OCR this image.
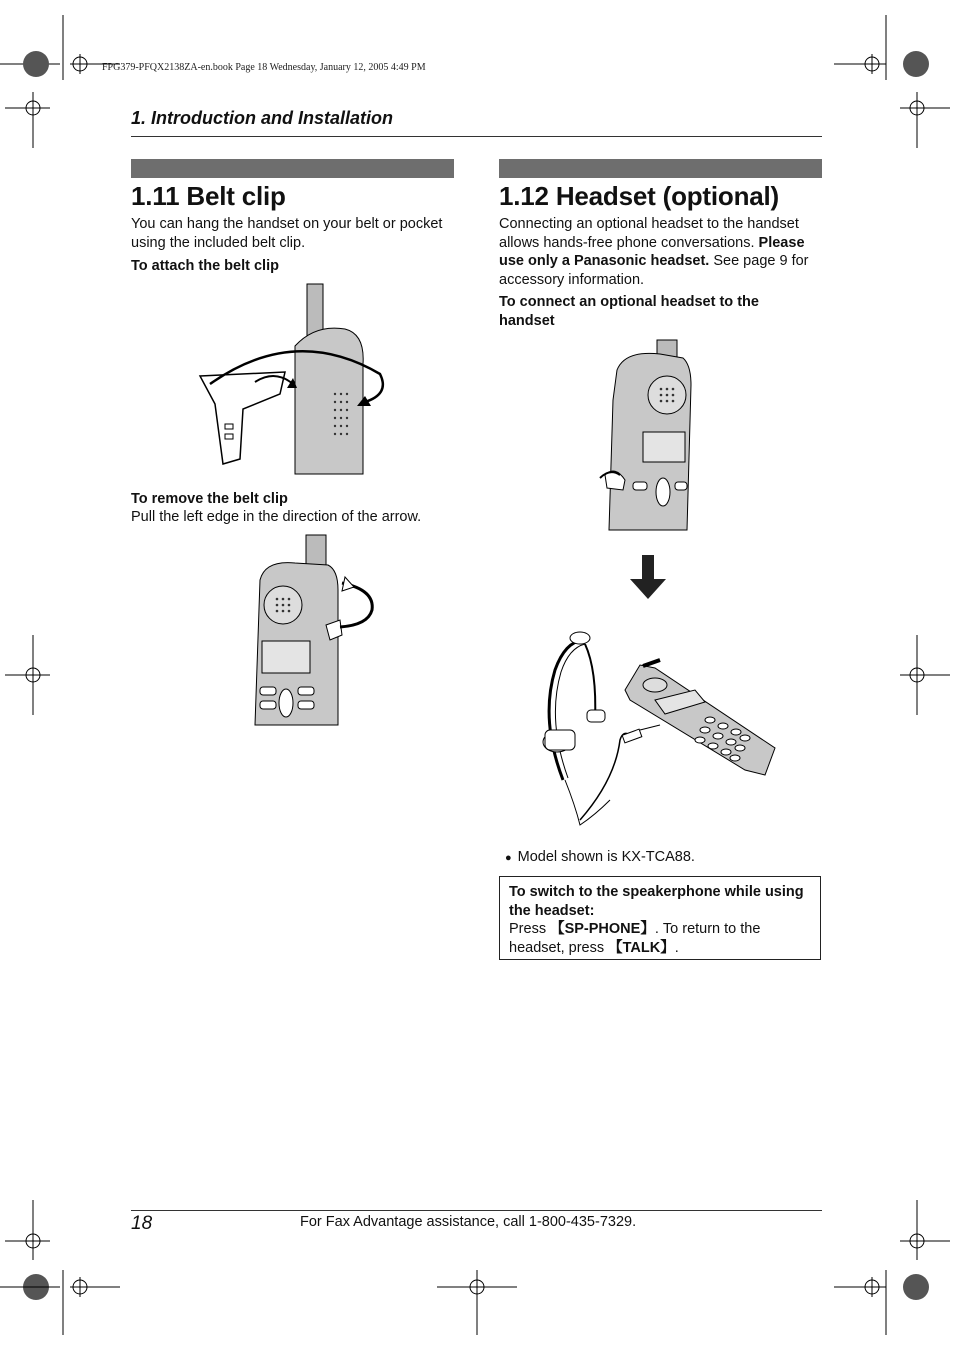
FPG379-PFQX2138ZA-en.book Page 18 Wednesday, January 12, 2005 4:49 PM
1. Introduction and Installation
1.11 Belt clip
You can hang the handset on your belt or pocket
using the included belt clip.
To attach the belt clip
To remove the belt clip
Pull the left edge in the direction of the arrow.
1.12 Headset (optional)
Connecting an optional headset to the handset
allows hands-free phone conversations. Please
use only a Panasonic headset. See page 9 for
accessory information.
To connect an optional headset to the
handset
● Model shown is KX-TCA88.
To switch to the speakerphone while using
the headset:
Press 【SP-PHONE】. To return to the
headset, press 【TALK】.
18	For Fax Advantage assistance, call 1-800-435-7329.
